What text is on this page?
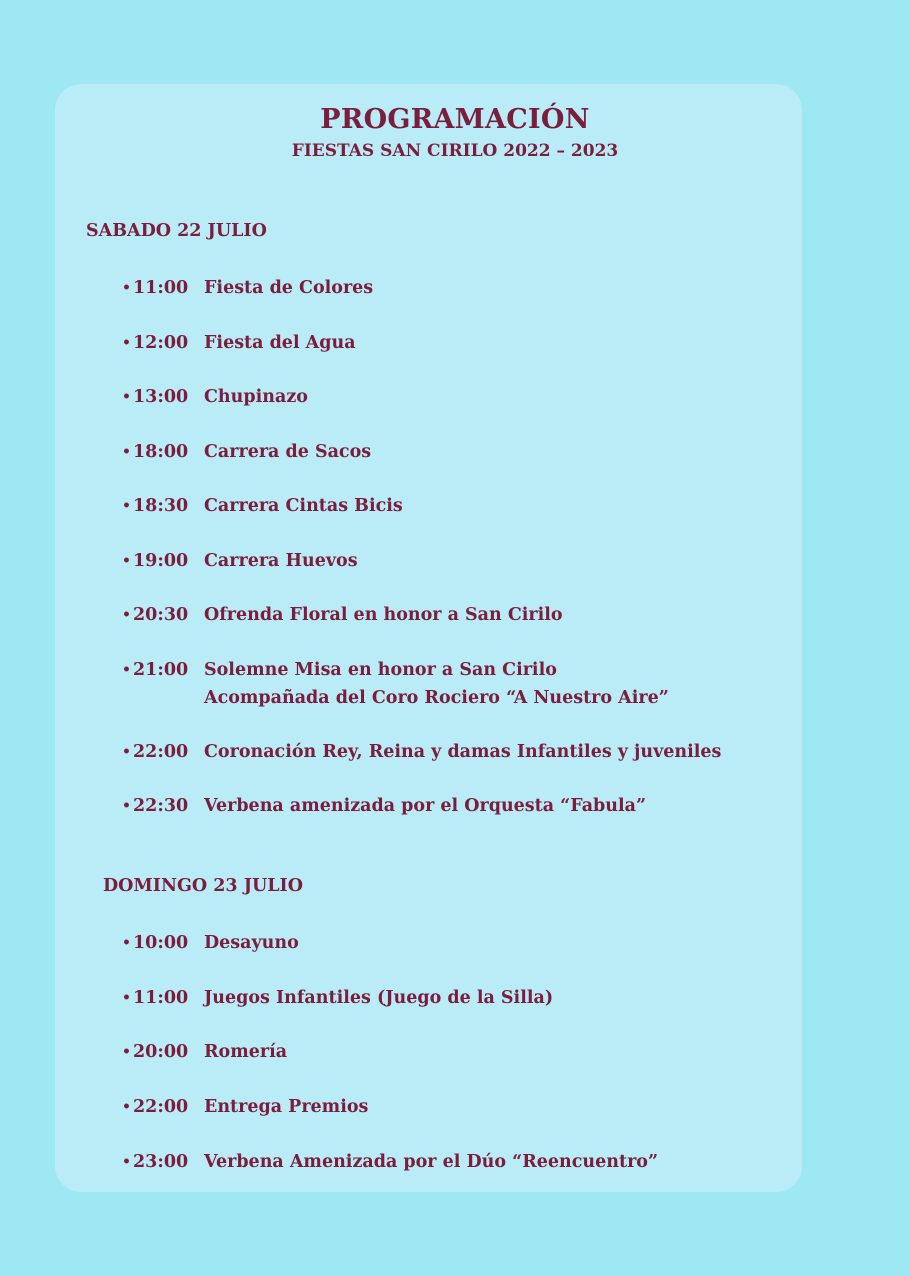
PROGRAMACIÓN
FIESTAS SAN CIRILO 2022 – 2023
SABADO 22 JULIO
• 11:00 Fiesta de Colores
• 12:00 Fiesta del Agua
• 13:00 Chupinazo
• 18:00 Carrera de Sacos
• 18:30 Carrera Cintas Bicis
• 19:00 Carrera Huevos
• 20:30 Ofrenda Floral en honor a San Cirilo
• 21:00 Solemne Misa en honor a San Cirilo
Acompañada del Coro Rociero “A Nuestro Aire”
• 22:00 Coronación Rey, Reina y damas Infantiles y juveniles
• 22:30 Verbena amenizada por el Orquesta “Fabula”
DOMINGO 23 JULIO
• 10:00 Desayuno
• 11:00 Juegos Infantiles (Juego de la Silla)
• 20:00 Romería
• 22:00 Entrega Premios
• 23:00 Verbena Amenizada por el Dúo “Reencuentro”
